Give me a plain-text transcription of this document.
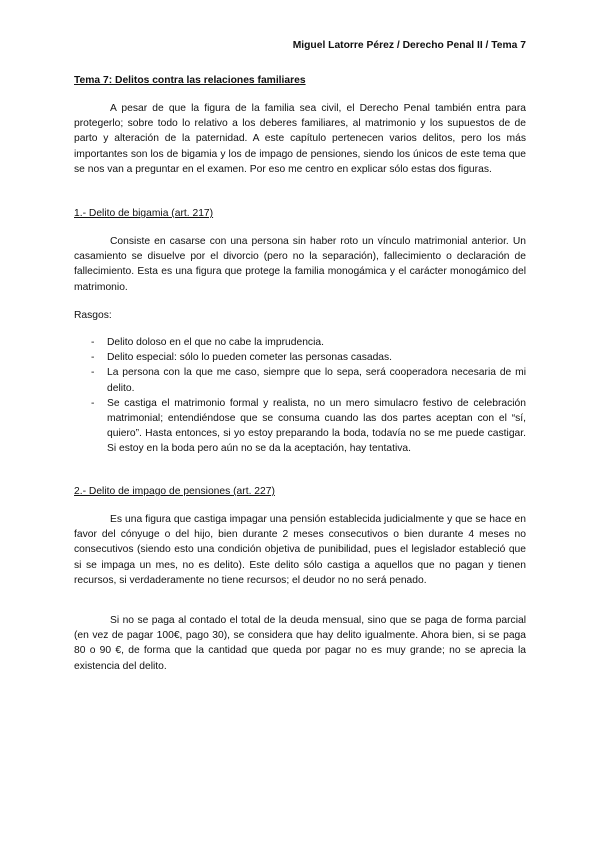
Miguel Latorre Pérez / Derecho Penal II / Tema 7
Tema 7: Delitos contra las relaciones familiares

A pesar de que la figura de la familia sea civil, el Derecho Penal también entra para protegerlo; sobre todo lo relativo a los deberes familiares, al matrimonio y los supuestos de de parto y alteración de la paternidad. A este capítulo pertenecen varios delitos, pero los más importantes son los de bigamia y los de impago de pensiones, siendo los únicos de este tema que se nos van a preguntar en el examen. Por eso me centro en explicar sólo estas dos figuras.

1.- Delito de bigamia (art. 217)

Consiste en casarse con una persona sin haber roto un vínculo matrimonial anterior. Un casamiento se disuelve por el divorcio (pero no la separación), fallecimiento o declaración de fallecimiento. Esta es una figura que protege la familia monogámica y el carácter monogámico del matrimonio.

Rasgos:

- Delito doloso en el que no cabe la imprudencia.
- Delito especial: sólo lo pueden cometer las personas casadas.
- La persona con la que me caso, siempre que lo sepa, será cooperadora necesaria de mi delito.
- Se castiga el matrimonio formal y realista, no un mero simulacro festivo de celebración matrimonial; entendiéndose que se consuma cuando las dos partes aceptan con el “sí, quiero”. Hasta entonces, si yo estoy preparando la boda, todavía no se me puede castigar. Si estoy en la boda pero aún no se da la aceptación, hay tentativa.

2.- Delito de impago de pensiones (art. 227)

Es una figura que castiga impagar una pensión establecida judicialmente y que se hace en favor del cónyuge o del hijo, bien durante 2 meses consecutivos o bien durante 4 meses no consecutivos (siendo esto una condición objetiva de punibilidad, pues el legislador estableció que si se impaga un mes, no es delito). Este delito sólo castiga a aquellos que no pagan y tienen recursos, si verdaderamente no tiene recursos; el deudor no no será penado.

Si no se paga al contado el total de la deuda mensual, sino que se paga de forma parcial (en vez de pagar 100€, pago 30), se considera que hay delito igualmente. Ahora bien, si se paga 80 o 90 €, de forma que la cantidad que queda por pagar no es muy grande; no se aprecia la existencia del delito.
